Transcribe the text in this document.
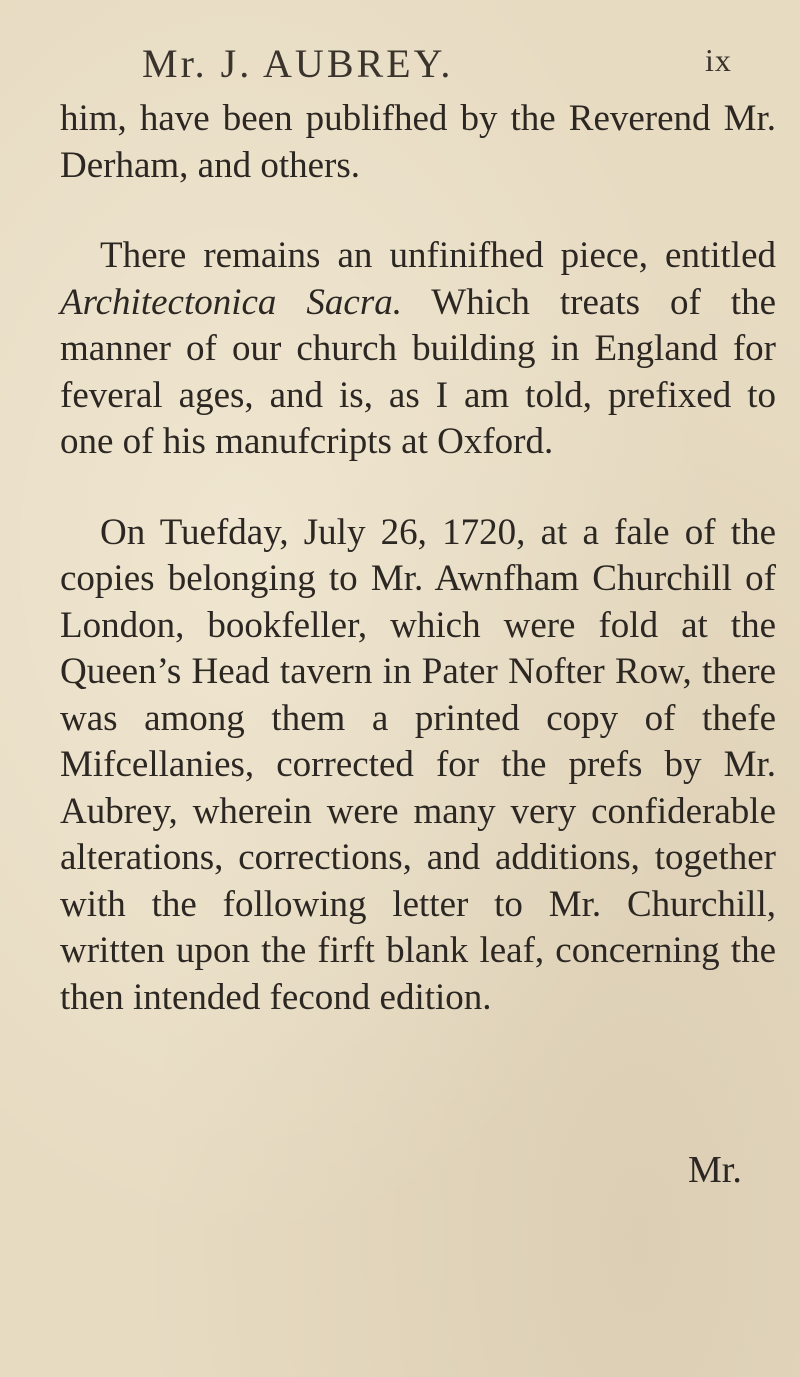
Mr. J. AUBREY.	ix

him, have been publifhed by the Reverend Mr. Derham, and others.

There remains an unfinifhed piece, entitled Architectonica Sacra. Which treats of the manner of our church building in England for feveral ages, and is, as I am told, prefixed to one of his manufcripts at Oxford.

On Tuefday, July 26, 1720, at a fale of the copies belonging to Mr. Awnfham Churchill of London, bookfeller, which were fold at the Queen’s Head tavern in Pater Nofter Row, there was among them a printed copy of thefe Mifcellanies, corrected for the prefs by Mr. Aubrey, wherein were many very confiderable alterations, corrections, and additions, together with the following letter to Mr. Churchill, written upon the firft blank leaf, concerning the then intended fecond edition.

Mr.
